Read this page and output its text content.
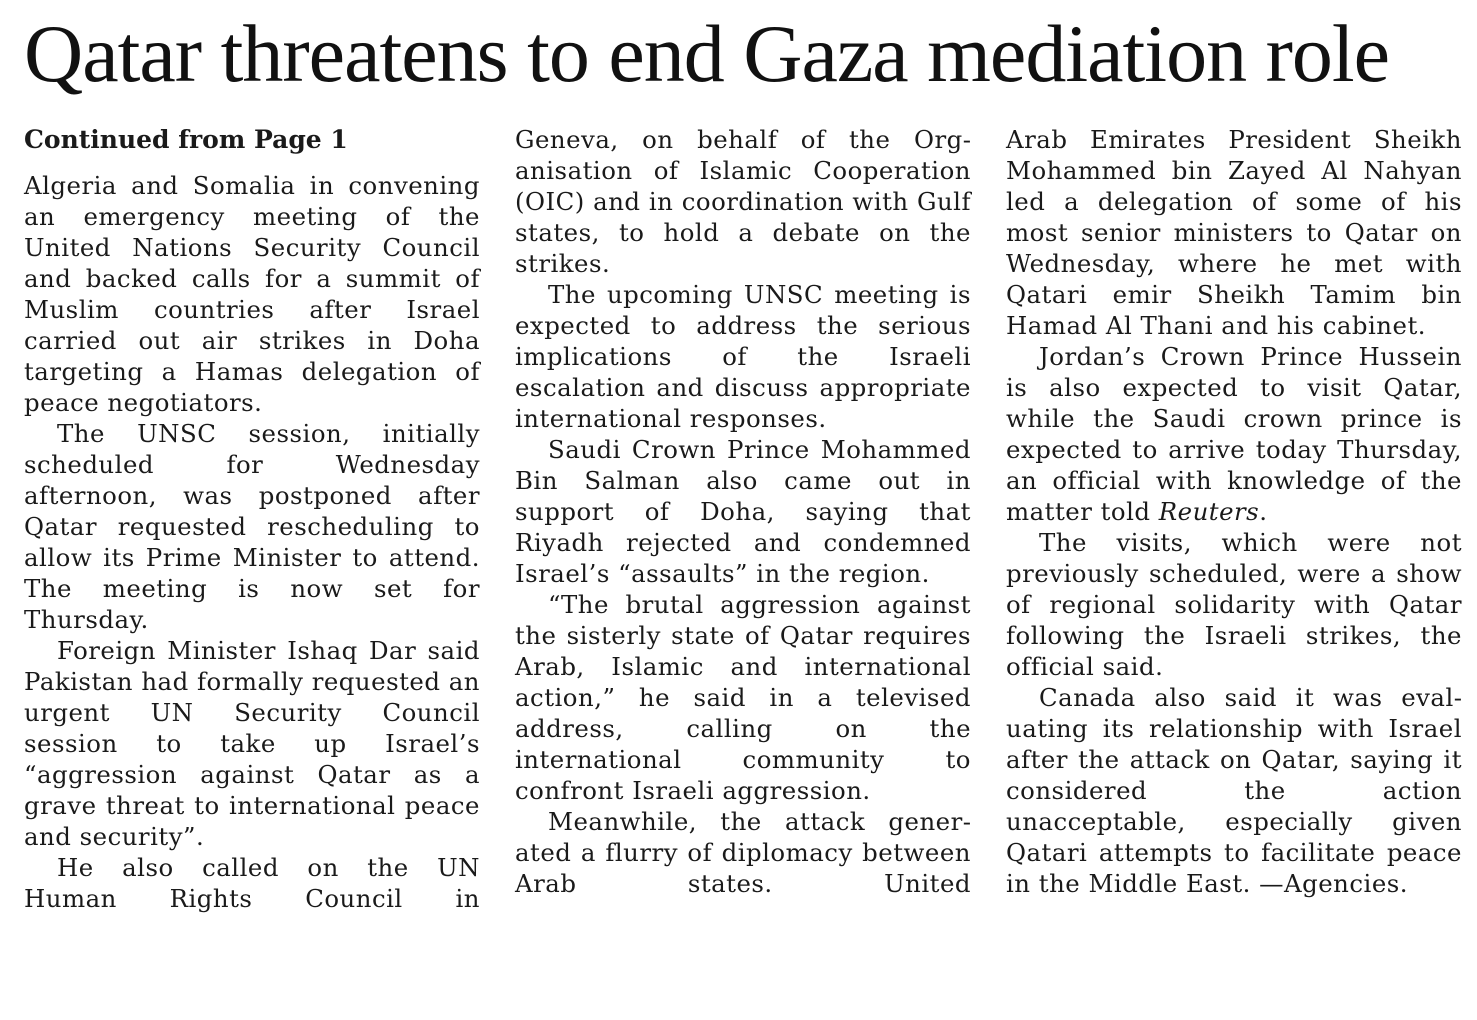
Qatar threatens to end Gaza mediation role

Continued from Page 1

Algeria and Somalia in convening an emergency meeting of the United Nations Security Council and backed calls for a summit of Muslim countries after Israel carried out air strikes in Doha targeting a Hamas delegation of peace negotiators.

The UNSC session, initially scheduled for Wednesday afternoon, was postponed after Qatar requested rescheduling to allow its Prime Minister to attend. The meeting is now set for Thursday.

Foreign Minister Ishaq Dar said Pakistan had formally requested an urgent UN Security Council session to take up Israel’s “aggression against Qatar as a grave threat to international peace and security”.

He also called on the UN Human Rights Council in

Geneva, on behalf of the Organisation of Islamic Cooperation (OIC) and in coordination with Gulf states, to hold a debate on the strikes.

The upcoming UNSC meeting is expected to address the serious implications of the Israeli escalation and discuss appropriate international responses.

Saudi Crown Prince Mohammed Bin Salman also came out in support of Doha, saying that Riyadh rejected and condemned Israel’s “assaults” in the region.

“The brutal aggression against the sisterly state of Qatar requires Arab, Islamic and international action,” he said in a televised address, calling on the international community to confront Israeli aggression.

Meanwhile, the attack generated a flurry of diplomacy between Arab states. United

Arab Emirates President Sheikh Mohammed bin Zayed Al Nahyan led a delegation of some of his most senior ministers to Qatar on Wednesday, where he met with Qatari emir Sheikh Tamim bin Hamad Al Thani and his cabinet.

Jordan’s Crown Prince Hussein is also expected to visit Qatar, while the Saudi crown prince is expected to arrive today Thursday, an official with knowledge of the matter told Reuters.

The visits, which were not previously scheduled, were a show of regional solidarity with Qatar following the Israeli strikes, the official said.

Canada also said it was evaluating its relationship with Israel after the attack on Qatar, saying it considered the action unacceptable, especially given Qatari attempts to facilitate peace in the Middle East. —Agencies.
